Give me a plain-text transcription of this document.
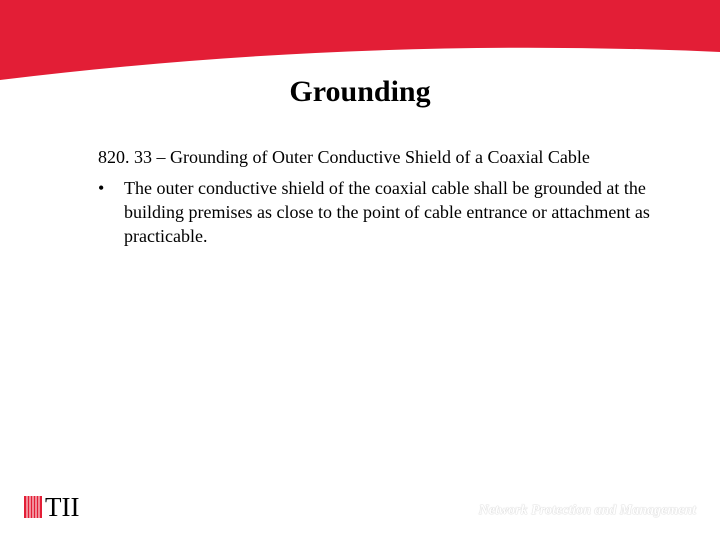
Grounding
820. 33 – Grounding of Outer Conductive Shield of a Coaxial Cable
• The outer conductive shield of the coaxial cable shall be grounded at the building premises as close to the point of cable entrance or attachment as practicable.
TII	Network Protection and Management
